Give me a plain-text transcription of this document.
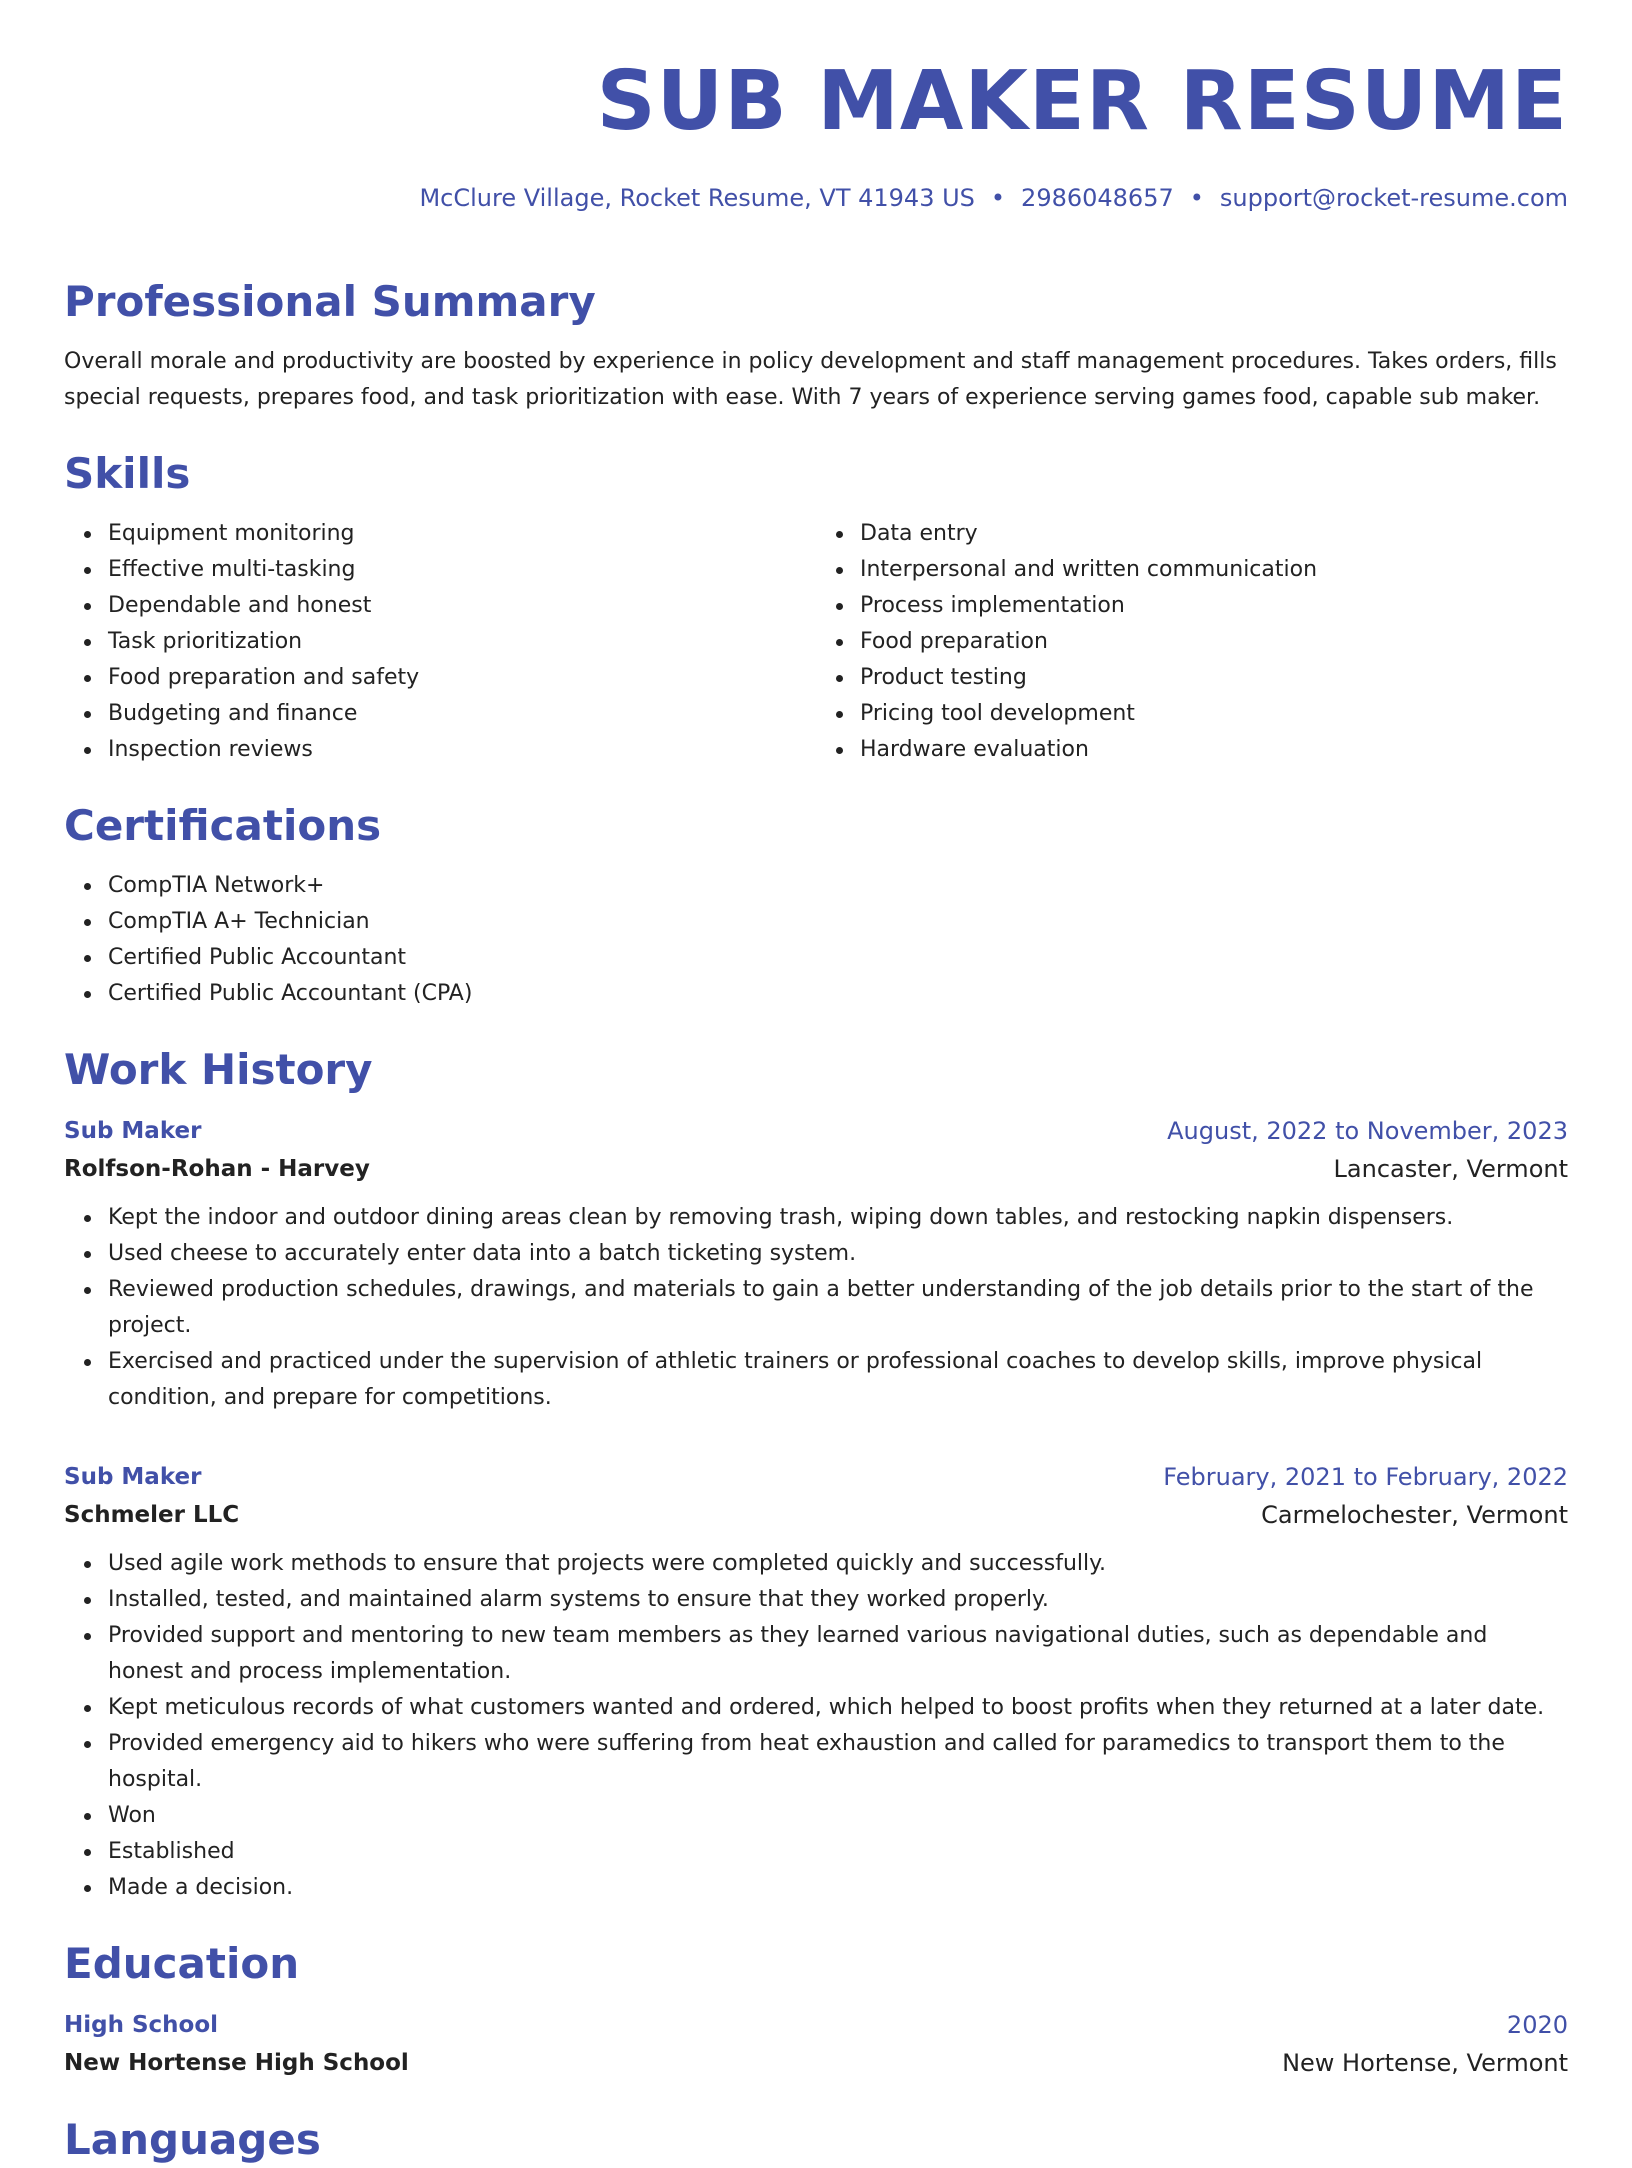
SUB MAKER RESUME
McClure Village, Rocket Resume, VT 41943 US • 2986048657 • support@rocket-resume.com
Professional Summary
Overall morale and productivity are boosted by experience in policy development and staff management procedures. Takes orders, fills special requests, prepares food, and task prioritization with ease. With 7 years of experience serving games food, capable sub maker.
Skills
Equipment monitoring
Effective multi-tasking
Dependable and honest
Task prioritization
Food preparation and safety
Budgeting and finance
Inspection reviews
Data entry
Interpersonal and written communication
Process implementation
Food preparation
Product testing
Pricing tool development
Hardware evaluation
Certifications
CompTIA Network+
CompTIA A+ Technician
Certified Public Accountant
Certified Public Accountant (CPA)
Work History
Sub Maker	August, 2022 to November, 2023
Rolfson-Rohan - Harvey	Lancaster, Vermont
Kept the indoor and outdoor dining areas clean by removing trash, wiping down tables, and restocking napkin dispensers.
Used cheese to accurately enter data into a batch ticketing system.
Reviewed production schedules, drawings, and materials to gain a better understanding of the job details prior to the start of the project.
Exercised and practiced under the supervision of athletic trainers or professional coaches to develop skills, improve physical condition, and prepare for competitions.
Sub Maker	February, 2021 to February, 2022
Schmeler LLC	Carmelochester, Vermont
Used agile work methods to ensure that projects were completed quickly and successfully.
Installed, tested, and maintained alarm systems to ensure that they worked properly.
Provided support and mentoring to new team members as they learned various navigational duties, such as dependable and honest and process implementation.
Kept meticulous records of what customers wanted and ordered, which helped to boost profits when they returned at a later date.
Provided emergency aid to hikers who were suffering from heat exhaustion and called for paramedics to transport them to the hospital.
Won
Established
Made a decision.
Education
High School	2020
New Hortense High School	New Hortense, Vermont
Languages
